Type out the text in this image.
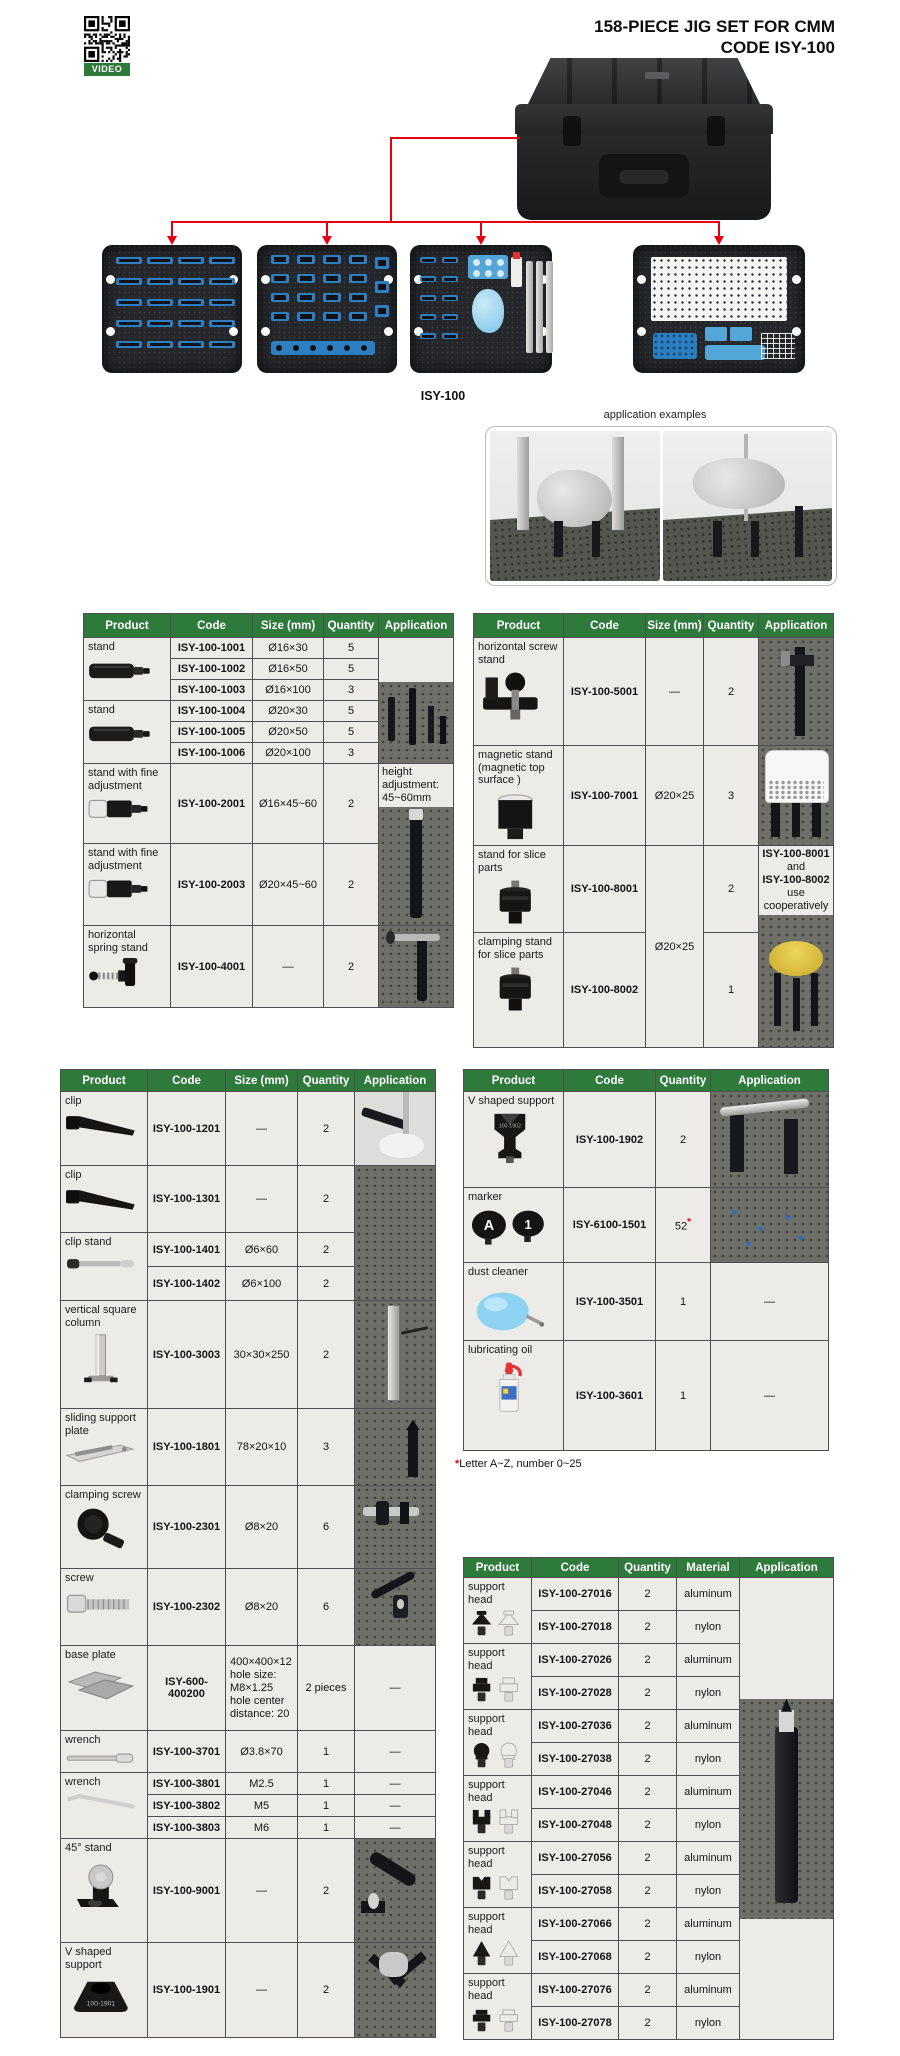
VIDEO
158-PIECE JIG SET FOR CMM
CODE ISY-100
ISY-100
application examples
Product	Code	Size (mm)	Quantity	Application

stand	ISY-100-1001	Ø16×30	5	

	ISY-100-1002	Ø16×50	5	
	ISY-100-1003	Ø16×100	3	

stand	ISY-100-1004	Ø20×30	5	
	ISY-100-1005	Ø20×50	5	
	ISY-100-1006	Ø20×100	3	

stand with fine adjustment	ISY-100-2001	Ø16×45~60	2	height adjustment: 45~60mm

stand with fine adjustment	ISY-100-2003	Ø20×45~60	2	

horizontal spring stand	ISY-100-4001	—	2	
Product	Code	Size (mm)	Quantity	Application

horizontal screw stand	ISY-100-5001	—	2	

magnetic stand (magnetic top surface )	ISY-100-7001	Ø20×25	3	

stand for slice parts	ISY-100-8001	Ø20×25	2	ISY-100-8001
and
ISY-100-8002
use
cooperatively

clamping stand for slice parts	ISY-100-8002		1	
Product	Code	Size (mm)	Quantity	Application

clip	ISY-100-1201	—	2	

clip	ISY-100-1301	—	2	

clip stand	ISY-100-1401	Ø6×60	2	
	ISY-100-1402	Ø6×100	2	

vertical square column	ISY-100-3003	30×30×250	2	

sliding support plate	ISY-100-1801	78×20×10	3	

clamping screw	ISY-100-2301	Ø8×20	6	

screw	ISY-100-2302	Ø8×20	6	

base plate	ISY-600-400200	400×400×12
hole size:
M8×1.25
hole center
distance: 20	2 pieces	—

wrench	ISY-100-3701	Ø3.8×70	1	—

wrench	ISY-100-3801	M2.5	1	—
	ISY-100-3802	M5	1	—
	ISY-100-3803	M6	1	—

45° stand	ISY-100-9001	—	2	

V shaped support
100-1901	ISY-100-1901	—	2	
Product	Code	Quantity	Application

V shaped support
100-1902	ISY-100-1902	2	

marker
A 1	ISY-6100-1501	52*	

dust cleaner	ISY-100-3501	1	—

lubricating oil	ISY-100-3601	1	—
Product	Code	Quantity	Material	Application

support head	ISY-100-27016	2	aluminum	

	ISY-100-27018	2	nylon	

support head	ISY-100-27026	2	aluminum	
	ISY-100-27028	2	nylon	

support head	ISY-100-27036	2	aluminum	
	ISY-100-27038	2	nylon	

support head	ISY-100-27046	2	aluminum	
	ISY-100-27048	2	nylon	

support head	ISY-100-27056	2	aluminum	
	ISY-100-27058	2	nylon	

support head	ISY-100-27066	2	aluminum	
	ISY-100-27068	2	nylon	

support head	ISY-100-27076	2	aluminum	
	ISY-100-27078	2	nylon	
*Letter A~Z, number 0~25
